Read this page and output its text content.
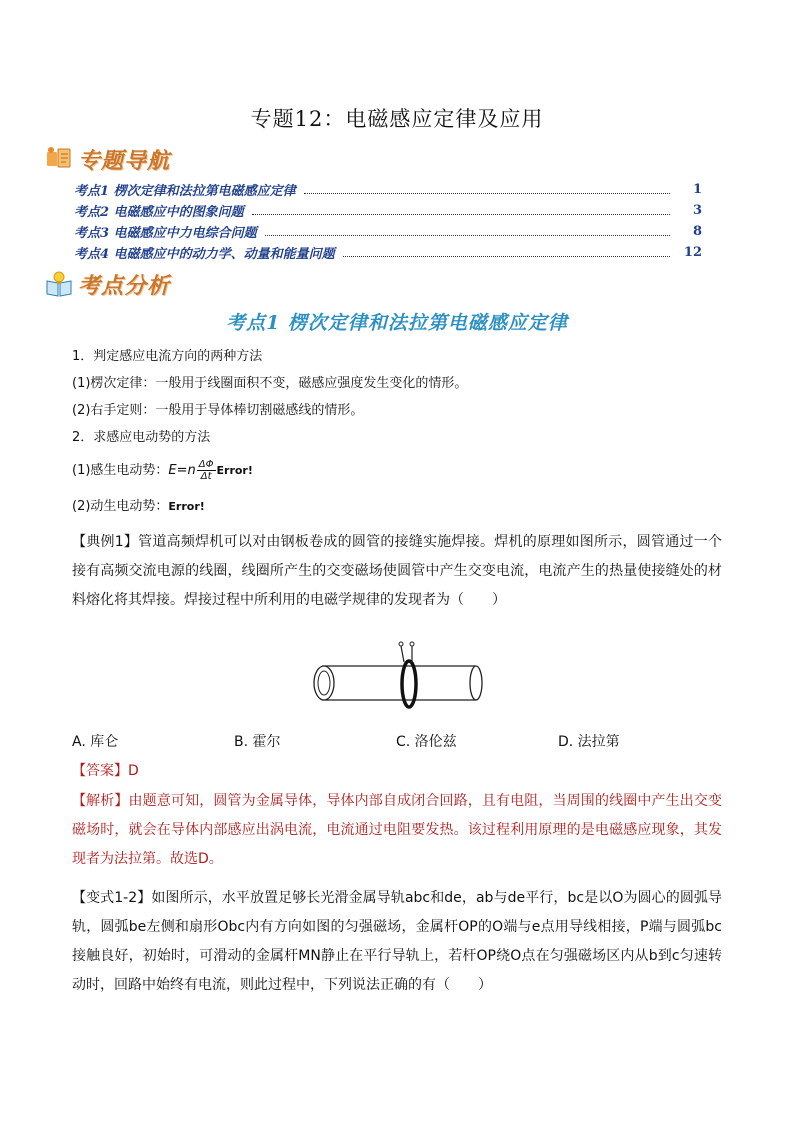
专题12：电磁感应定律及应用
专题导航
考点1 楞次定律和法拉第电磁感应定律	1
考点2 电磁感应中的图象问题	3
考点3 电磁感应中力电综合问题	8
考点4 电磁感应中的动力学、动量和能量问题	12
考点分析
考点1 楞次定律和法拉第电磁感应定律
1．判定感应电流方向的两种方法
(1)楞次定律：一般用于线圈面积不变，磁感应强度发生变化的情形。
(2)右手定则：一般用于导体棒切割磁感线的情形。
2．求感应电动势的方法
(1)感生电动势：$E=n \frac{\Delta\Phi}{\Delta t}$ Error!
(2)动生电动势：Error!
【典例1】管道高频焊机可以对由钢板卷成的圆管的接缝实施焊接。焊机的原理如图所示，圆管通过一个接有高频交流电源的线圈，线圈所产生的交变磁场使圆管中产生交变电流，电流产生的热量使接缝处的材料熔化将其焊接。焊接过程中所利用的电磁学规律的发现者为（　　）
A. 库仑	B. 霍尔	C. 洛伦兹	D. 法拉第
【答案】D
【解析】由题意可知，圆管为金属导体，导体内部自成闭合回路，且有电阻，当周围的线圈中产生出交变磁场时，就会在导体内部感应出涡电流，电流通过电阻要发热。该过程利用原理的是电磁感应现象，其发现者为法拉第。故选D。
【变式1-2】如图所示，水平放置足够长光滑金属导轨abc和de，ab与de平行，bc是以O为圆心的圆弧导轨，圆弧be左侧和扇形Obc内有方向如图的匀强磁场，金属杆OP的O端与e点用导线相接，P端与圆弧bc接触良好，初始时，可滑动的金属杆MN静止在平行导轨上，若杆OP绕O点在匀强磁场区内从b到c匀速转动时，回路中始终有电流，则此过程中，下列说法正确的有（　　）
